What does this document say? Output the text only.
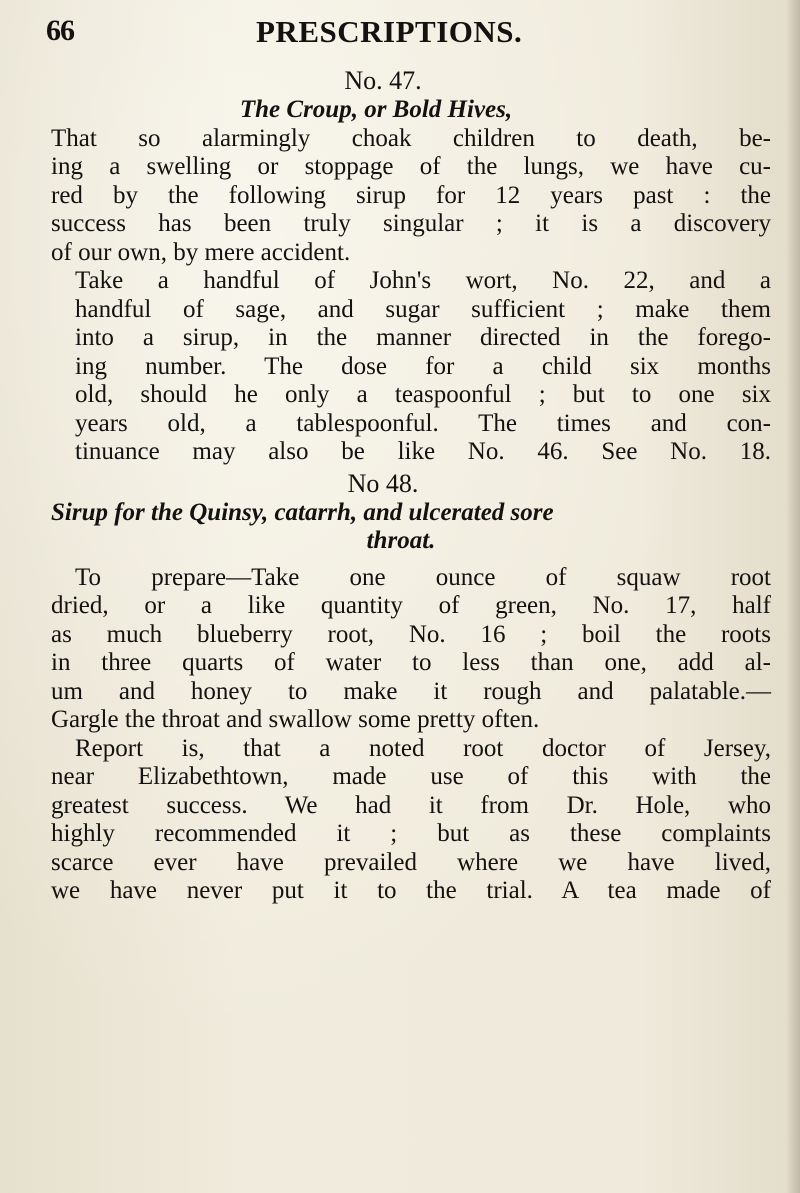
66	PRESCRIPTIONS.
No. 47.
The Croup, or Bold Hives,

That so alarmingly choak children to death, be-
ing a swelling or stoppage of the lungs, we have cu-
red by the following sirup for 12 years past : the
success has been truly singular ; it is a discovery
of our own, by mere accident.

Take a handful of John's wort, No. 22, and a
handful of sage, and sugar sufficient ; make them
into a sirup, in the manner directed in the forego-
ing number. The dose for a child six months
old, should he only a teaspoonful ; but to one six
years old, a tablespoonful. The times and con-
tinuance may also be like No. 46. See No. 18.

No 48.
Sirup for the Quinsy, catarrh, and ulcerated sore
throat.

To prepare—Take one ounce of squaw root
dried, or a like quantity of green, No. 17, half
as much blueberry root, No. 16 ; boil the roots
in three quarts of water to less than one, add al-
um and honey to make it rough and palatable.—
Gargle the throat and swallow some pretty often.

Report is, that a noted root doctor of Jersey,
near Elizabethtown, made use of this with the
greatest success. We had it from Dr. Hole, who
highly recommended it ; but as these complaints
scarce ever have prevailed where we have lived,
we have never put it to the trial. A tea made of
